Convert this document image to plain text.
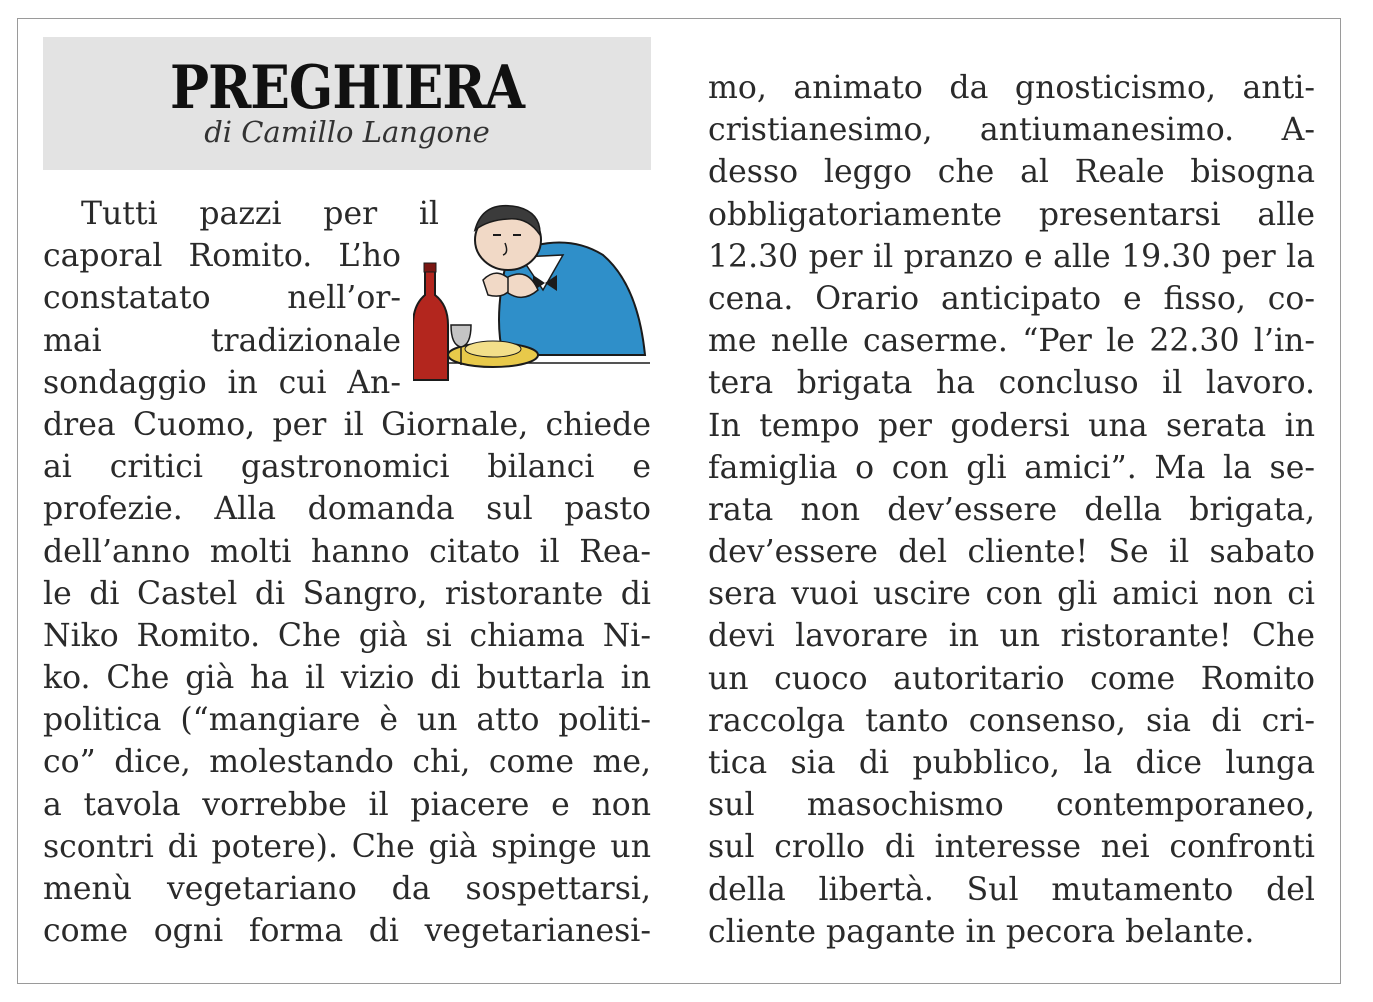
PREGHIERA
di Camillo Langone
Tutti pazzi per il
caporal Romito. L’ho
constatato nell’or-
mai tradizionale
sondaggio in cui An-
drea Cuomo, per il Giornale, chiede
ai critici gastronomici bilanci e
profezie. Alla domanda sul pasto
dell’anno molti hanno citato il Rea-
le di Castel di Sangro, ristorante di
Niko Romito. Che già si chiama Ni-
ko. Che già ha il vizio di buttarla in
politica (“mangiare è un atto politi-
co” dice, molestando chi, come me,
a tavola vorrebbe il piacere e non
scontri di potere). Che già spinge un
menù vegetariano da sospettarsi,
come ogni forma di vegetarianesi-
mo, animato da gnosticismo, anti-
cristianesimo, antiumanesimo. A-
desso leggo che al Reale bisogna
obbligatoriamente presentarsi alle
12.30 per il pranzo e alle 19.30 per la
cena. Orario anticipato e fisso, co-
me nelle caserme. “Per le 22.30 l’in-
tera brigata ha concluso il lavoro.
In tempo per godersi una serata in
famiglia o con gli amici”. Ma la se-
rata non dev’essere della brigata,
dev’essere del cliente! Se il sabato
sera vuoi uscire con gli amici non ci
devi lavorare in un ristorante! Che
un cuoco autoritario come Romito
raccolga tanto consenso, sia di cri-
tica sia di pubblico, la dice lunga
sul masochismo contemporaneo,
sul crollo di interesse nei confronti
della libertà. Sul mutamento del
cliente pagante in pecora belante.
